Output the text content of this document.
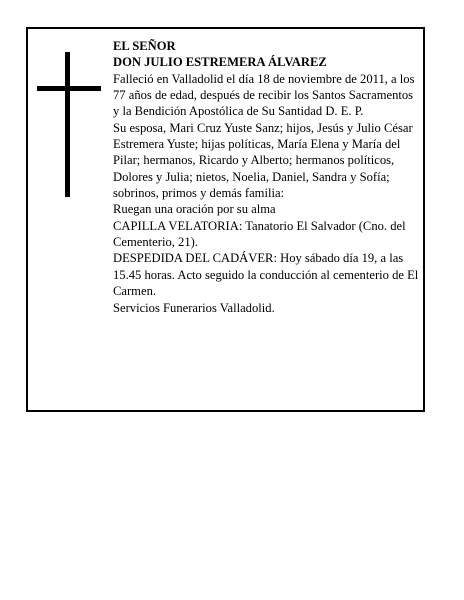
EL SEÑOR

DON JULIO ESTREMERA ÁLVAREZ

Falleció en Valladolid el día 18 de noviembre de 2011, a los 77 años de edad, después de recibir los Santos Sacramentos y la Bendición Apostólica de Su Santidad D. E. P.

Su esposa, Mari Cruz Yuste Sanz; hijos, Jesús y Julio César Estremera Yuste; hijas políticas, María Elena y María del Pilar; hermanos, Ricardo y Alberto; hermanos políticos, Dolores y Julia; nietos, Noelia, Daniel, Sandra y Sofía; sobrinos, primos y demás familia:

Ruegan una oración por su alma

CAPILLA VELATORIA: Tanatorio El Salvador (Cno. del Cementerio, 21).

DESPEDIDA DEL CADÁVER: Hoy sábado día 19, a las 15.45 horas. Acto seguido la conducción al cementerio de El Carmen.

Servicios Funerarios Valladolid.
